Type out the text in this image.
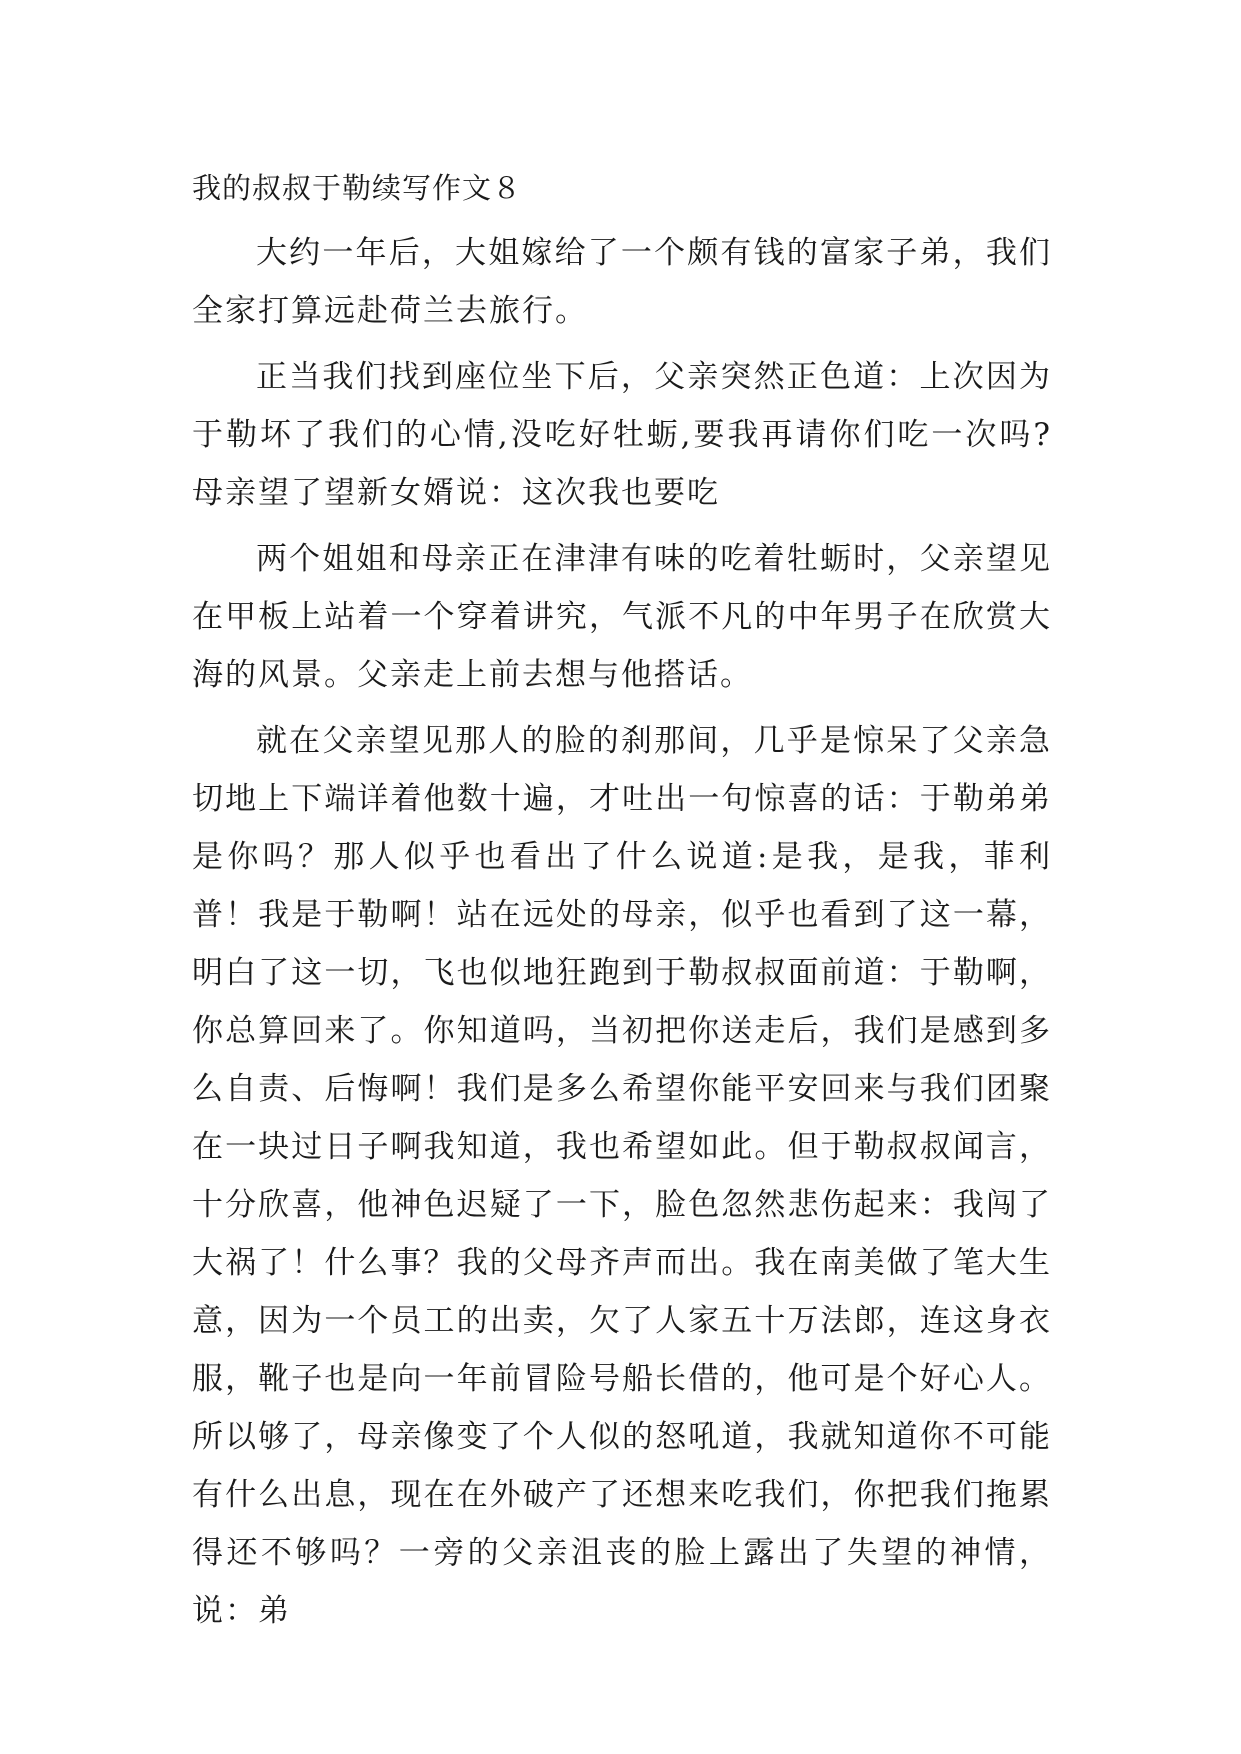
我的叔叔于勒续写作文８

大约一年后，大姐嫁给了一个颇有钱的富家子弟，我们全家打算远赴荷兰去旅行。

正当我们找到座位坐下后，父亲突然正色道：上次因为于勒坏了我们的心情,没吃好牡蛎,要我再请你们吃一次吗?母亲望了望新女婿说：这次我也要吃

两个姐姐和母亲正在津津有味的吃着牡蛎时，父亲望见在甲板上站着一个穿着讲究，气派不凡的中年男子在欣赏大海的风景。父亲走上前去想与他搭话。

就在父亲望见那人的脸的刹那间，几乎是惊呆了父亲急切地上下端详着他数十遍，才吐出一句惊喜的话：于勒弟弟是你吗？那人似乎也看出了什么说道:是我，是我，菲利普！我是于勒啊！站在远处的母亲，似乎也看到了这一幕，明白了这一切，飞也似地狂跑到于勒叔叔面前道：于勒啊，你总算回来了。你知道吗，当初把你送走后，我们是感到多么自责、后悔啊！我们是多么希望你能平安回来与我们团聚在一块过日子啊我知道，我也希望如此。但于勒叔叔闻言，十分欣喜，他神色迟疑了一下，脸色忽然悲伤起来：我闯了大祸了！什么事？我的父母齐声而出。我在南美做了笔大生意，因为一个员工的出卖，欠了人家五十万法郎，连这身衣服，靴子也是向一年前冒险号船长借的，他可是个好心人。所以够了，母亲像变了个人似的怒吼道，我就知道你不可能有什么出息，现在在外破产了还想来吃我们，你把我们拖累得还不够吗？一旁的父亲沮丧的脸上露出了失望的神情，说：弟
